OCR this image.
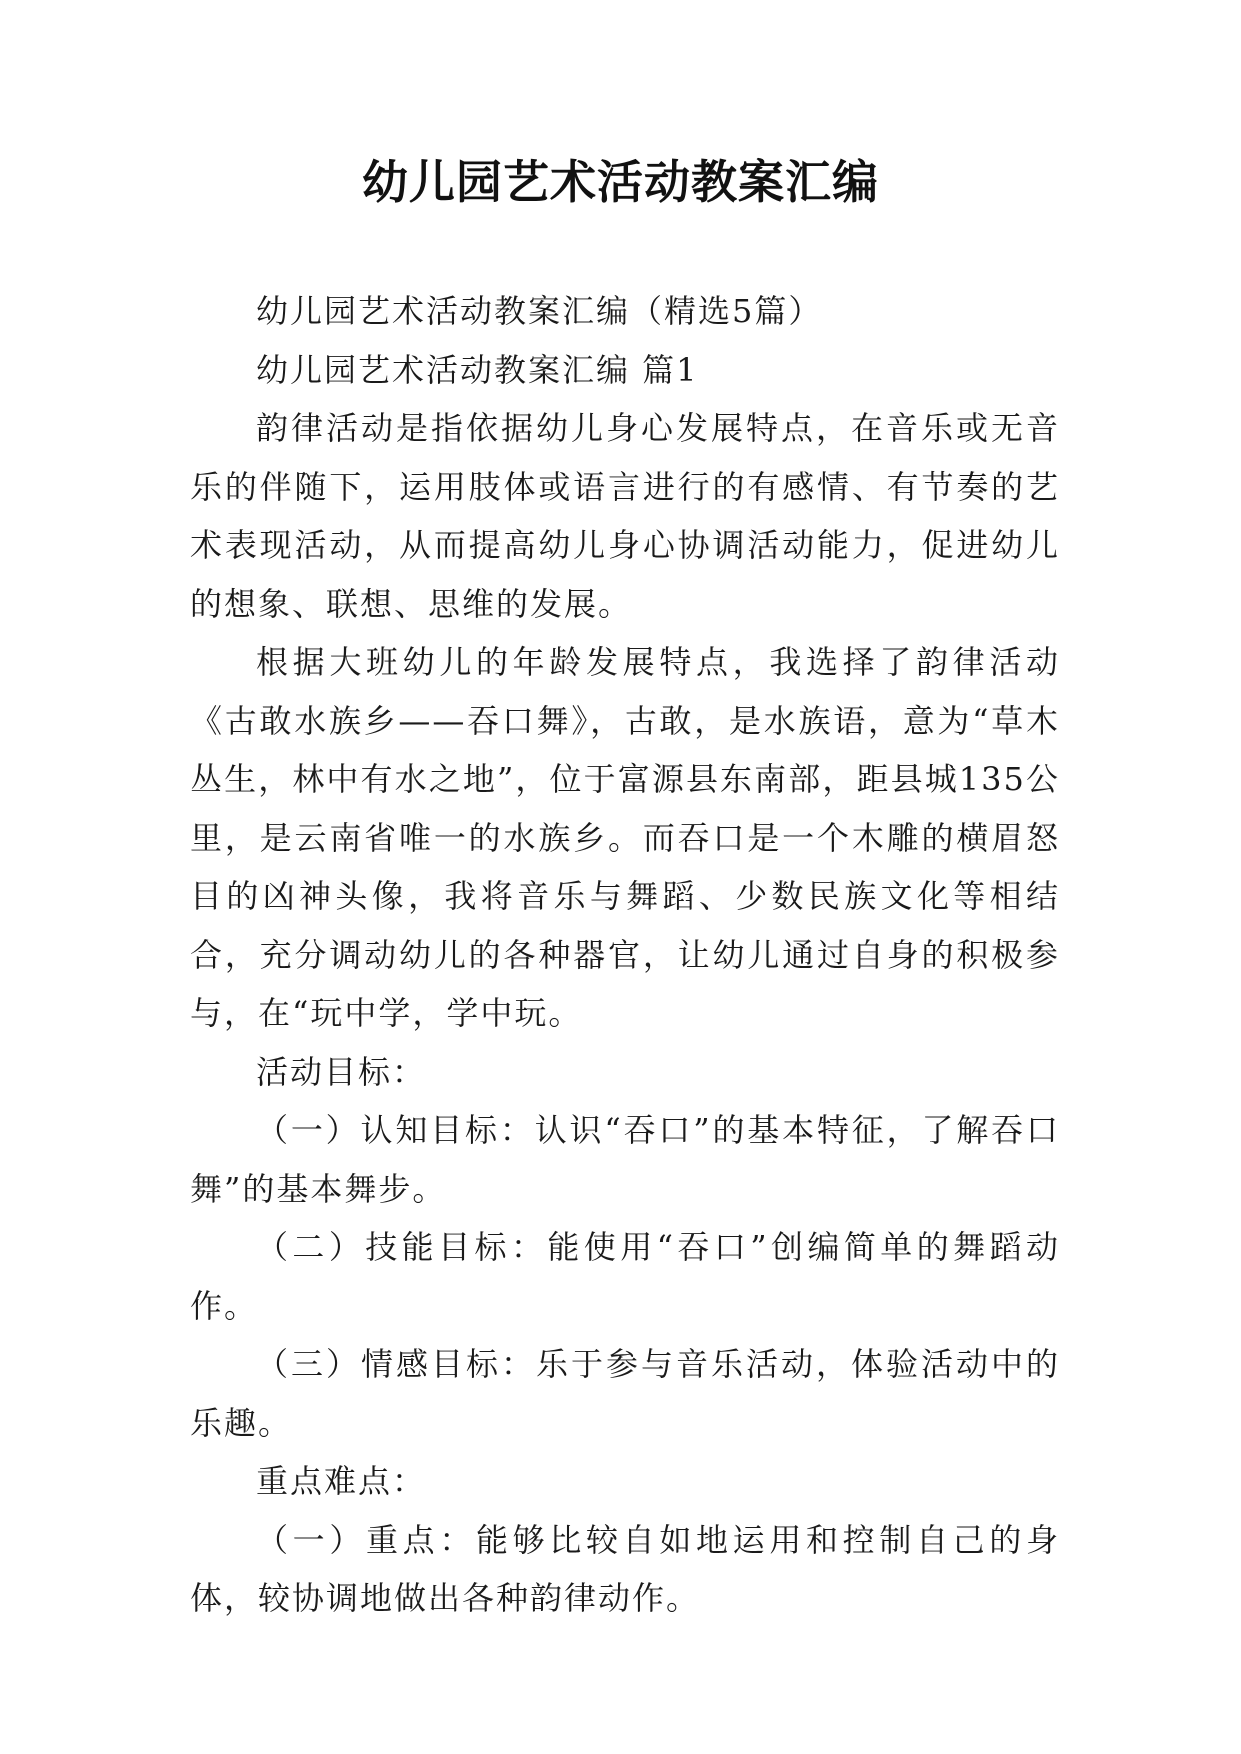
幼儿园艺术活动教案汇编

幼儿园艺术活动教案汇编（精选5篇）

幼儿园艺术活动教案汇编 篇1

韵律活动是指依据幼儿身心发展特点，在音乐或无音乐的伴随下，运用肢体或语言进行的有感情、有节奏的艺术表现活动，从而提高幼儿身心协调活动能力，促进幼儿的想象、联想、思维的发展。

根据大班幼儿的年龄发展特点，我选择了韵律活动《古敢水族乡——吞口舞》，古敢，是水族语，意为“草木丛生，林中有水之地”，位于富源县东南部，距县城135公里，是云南省唯一的水族乡。而吞口是一个木雕的横眉怒目的凶神头像，我将音乐与舞蹈、少数民族文化等相结合，充分调动幼儿的各种器官，让幼儿通过自身的积极参与，在“玩中学，学中玩。

活动目标：

（一）认知目标：认识“吞口”的基本特征，了解吞口舞”的基本舞步。

（二）技能目标：能使用“吞口”创编简单的舞蹈动作。

（三）情感目标：乐于参与音乐活动，体验活动中的乐趣。

重点难点：

（一）重点：能够比较自如地运用和控制自己的身体，较协调地做出各种韵律动作。
